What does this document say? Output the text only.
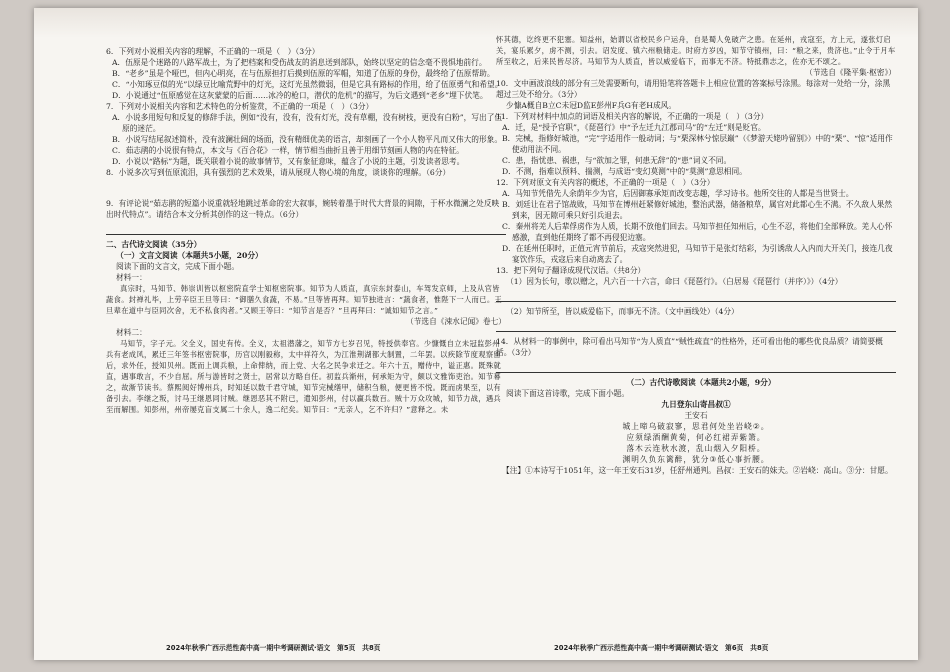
6．下列对小说相关内容的理解，不正确的一项是（　）（3分）

A．伍原是个迷路的八路军战士，为了把档案和受伤战友的消息送到部队，始终以坚定的信念毫不畏惧地前行。

B．“老乡”虽是个哑巴，但内心明亮，在与伍原担打后摸到伍原的军帽，知道了伍原的身份，最终给了伍原帮助。

C．“小知琢豆似的光”以绿豆比喻荒野中的灯光，这灯光虽然微弱，但是它具有路标的作用，给了伍原勇气和希望。

D．小说通过“伍原感觉在这灰蒙蒙的后面……冰冷的枪口，潜伏的危机”的描写，为后文遇到“老乡”埋下伏笔。

7．下列对小说相关内容和艺术特色的分析鉴赏，不正确的一项是（　）（3分）

A．小说多用短句和反复的修辞手法，例如“没有，没有，没有灯光，没有草棚，没有树枝，更没有白粉”，写出了伍原的迷茫。

B．小说写结尾叙述简朴，没有波澜壮阔的场面，没有精细优美的语言，却刻画了一个小人物平凡而又伟大的形象。

C．茹志鹃的小说很有特点，本文与《百合花》一样，情节相当曲折且善于用细节刻画人物的内在特征。

D．小说以“路标”为题，既关联着小说的故事情节，又有象征意味，蕴含了小说的主题，引发读者思考。

8．小说多次写到伍原流泪，具有强烈的艺术效果，请从展现人物心境的角度，谈谈你的理解。（6分）

9．有评论说“茹志鹃的短篇小说重就轻地跳过革命的宏大叙事，婉转着墨于时代大背景的间隙，于杯水微澜之处反映出时代特点”。请结合本文分析其创作的这一特点。（6分）

二、古代诗文阅读（35分）

（一）文言文阅读（本题共5小题，20分）

阅读下面的文言文，完成下面小题。

材料一：

真宗时，马知节、韩崇训皆以枢密院直学士知枢密院事。知节为人质直，真宗东封泰山，车驾发京师，上及从官皆蔬食。封禅礼毕，上劳辛臣王旦等曰：“御膳久食蔬，不易。”旦等皆再拜。知节独进言：“蔬食者，惟陛下一人而已。王旦辈在道中与臣同次舍，无不私食肉者。”又顾王等曰：“知节言是否？”旦再拜曰：“诚如知节之言。”

（节选自《涑水记闻》卷七）

材料二：

马知节，字子元。父全义，国史有传。全义，太祖潜藩之，知节方七岁召见，特授供奉官。少慷慨自立未冠监彭州兵有老成风，累迁三年签书枢密院事，历官以刚毅称，太中祥符久，为江淮荆湖都大制置，二年罢。以疾除节度观察留后，求外任，授知贝州。既而上调兵粮，上命俾纳，而上党、大名之民争求迁之。年六十五，赠侍中，谥正惠。既殊就直，遇事敢言，不少自屈。所与游皆时之贤士，居常以方略自任。初监兵渐州，何承矩为守，颇以文雅饰吏治。知节幕之，故渐节读书。蔡熙阅好博州兵，时知延以数千君守城，知节完械缮甲，储积刍粮，便更皆不悦。既而虏果至，以有备引去。李继之叛，讨马王继恩同讨贼。继恩恶其不附已，遣知彭州，付以赢兵数百。贼十万众攻城，知节力战，遇兵至而解围。知彭州，州帝屡克盲支属二十余人，逸二纪矣。知节曰：“无亲人，乞不许归？”意释之。未

怀其德，讫终更不犯塞。知益州，始谓以省校民乡户运舟，自是蜀人免破产之患。在延州，戎寇至，方上元，遂张灯启关，宴乐累夕，虏不测，引去。诏发度、镇六州粮储走。时府方岁凶，知节守镇州，曰：“粮之来，贵济也。”止令于月车所至收之，后来民皆尽济。马知节为人质直，皆以威爱临下，而事无不济。特抵鼎志之，佐亦无不颂之。

（节选自《隆平集·枢密》）

10．文中画波浪线的部分有三处需要断句，请用铅笔将答题卡上相应位置的答案标号涂黑。每涂对一处给一分，涂黑超过三处不给分。（3分）

少慷A概自B立C未冠D监E彭州F兵G有老H成风。

11．下列对材料中加点的词语及相关内容的解说，不正确的一项是（　）（3分）

A．迁，是“授予官职”，《琵琶行》中“予左迁九江郡司马”的“左迁”则是贬官。

B．完械，指修好城池，“完”字适用作一般动词；与“栗深林兮惊层巅”（《梦游天姥吟留别》）中的“栗”、“惊”适用作使动用法不同。

C．患，指忧患、祸患，与“欲加之罪，何患无辞”的“患”词义不同。

D．不测，指难以预料、揣测，与成语“变幻莫测”中的“莫测”意思相同。

12．下列对原文有关内容的概述，不正确的一项是（　）（3分）

A．马知节凭借先人余荫年少为官，后因御寡承矩而改变志趣，学习诗书。他所交往的人都是当世贤士。

B．刘廷让在君子馆战败，马知节在博州赶紧修好城池，整治武器，储备粮草，属官对此都心生不满。不久敌人果然到来，因无隙可乘只好引兵退去。

C．秦州将羌人后辈俘虏作为人质，长期不放他们回去。马知节担任知州后，心生不忍，将他们全部释放。羌人心怀感激，直到他任期终了都不再侵犯边塞。

D．在延州任职时，正值元宵节前后，戎寇突然进犯，马知节于是张灯结彩，为引诱敌人入内而大开关门，接连几夜宴饮作乐，戎寇后来自动离去了。

13．把下列句子翻译成现代汉语。（共8分）

（1）因为长句，歌以赠之，凡六百一十六言，命曰《琵琶行》。（白居易《琵琶行（并序）》）（4分）

（2）知节所至，皆以威爱临下，而事无不济。（文中画线处）（4分）

14．从材料一的事例中，除可看出马知节“为人质直”“贼性疏直”的性格外，还可看出他的哪些优良品质？请简要概括。（3分）

（二）古代诗歌阅读（本题共2小题，9分）

阅读下面这首诗歌，完成下面小题。

九日登东山寄昌叔①

王安石

城上啼乌破寂寥，思君何处坐岩峣②。

应须绿酒酬黄菊，何必红裙弄紫箫。

落木云连秋水渡，乱山烟入夕阳桥。

渊明久负东篱醉，犹分③低心事折腰。

【注】①本诗写于1051年，这一年王安石31岁，任舒州通判。昌叔：王安石的妹夫。②岩峣：高山。③分：甘愿。

2024年秋季广西示范性高中高一期中考调研测试·语文　第5页　共8页	2024年秋季广西示范性高中高一期中考调研测试·语文　第6页　共8页
